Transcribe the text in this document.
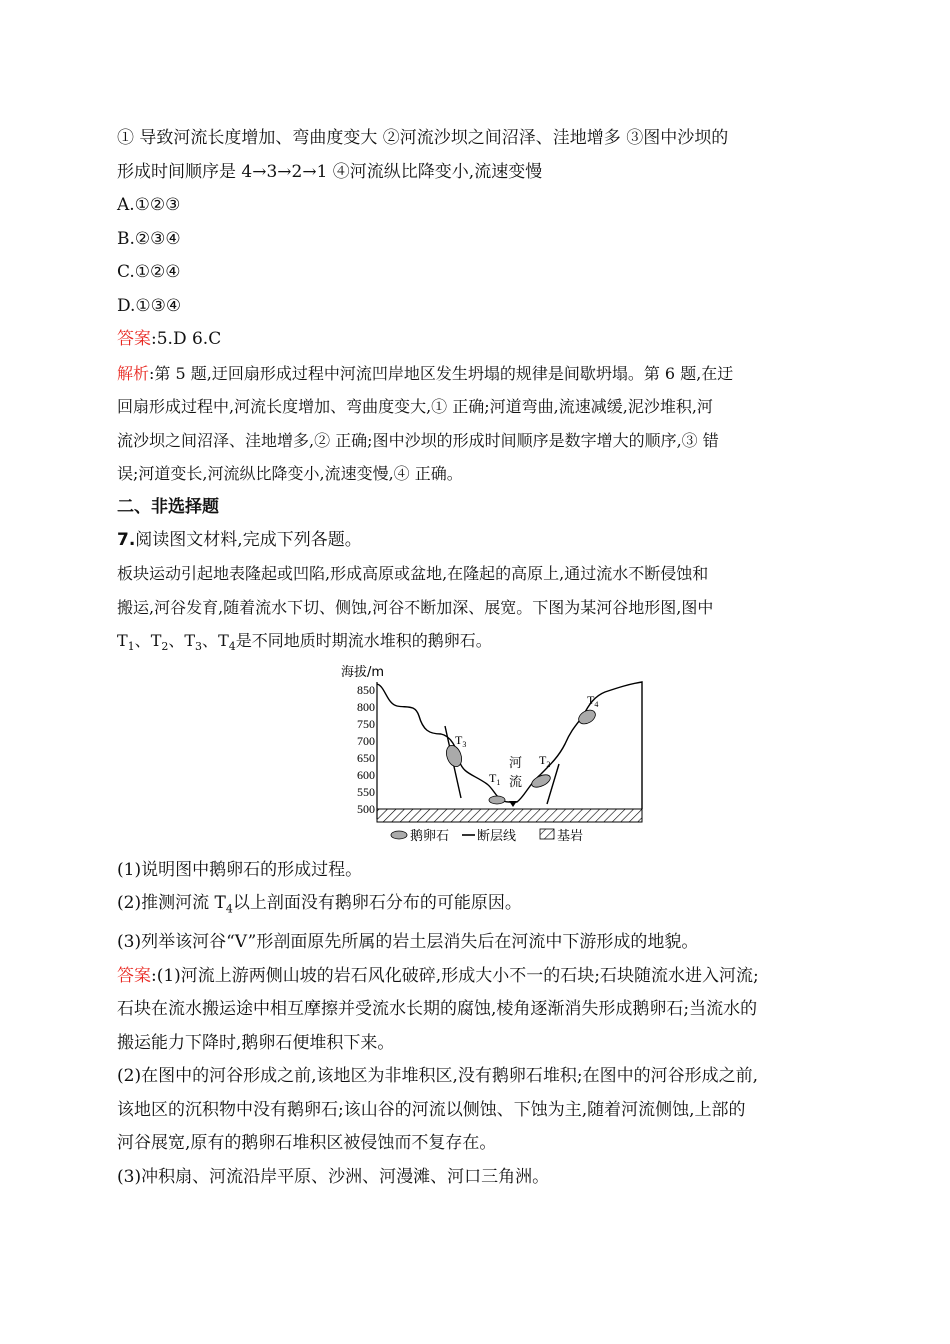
① 导致河流长度增加、弯曲度变大 ②河流沙坝之间沼泽、洼地增多 ③图中沙坝的
形成时间顺序是 4→3→2→1 ④河流纵比降变小,流速变慢
A.①②③
B.②③④
C.①②④
D.①③④
答案:5.D 6.C
解析:第 5 题,迂回扇形成过程中河流凹岸地区发生坍塌的规律是间歇坍塌。第 6 题,在迂
回扇形成过程中,河流长度增加、弯曲度变大,① 正确;河道弯曲,流速减缓,泥沙堆积,河
流沙坝之间沼泽、洼地增多,② 正确;图中沙坝的形成时间顺序是数字增大的顺序,③ 错
误;河道变长,河流纵比降变小,流速变慢,④ 正确。
二、非选择题
7.阅读图文材料,完成下列各题。
板块运动引起地表隆起或凹陷,形成高原或盆地,在隆起的高原上,通过流水不断侵蚀和
搬运,河谷发育,随着流水下切、侧蚀,河谷不断加深、展宽。下图为某河谷地形图,图中
$T_1$、$T_2$、$T_3$、$T_4$是不同地质时期流水堆积的鹅卵石。
海拔/m
850
800
750
700
650
600
550
500
$T_3$
$T_1$
$T_2$
$T_4$
河
流
鹅卵石 断层线	基岩
(1)说明图中鹅卵石的形成过程。
(2)推测河流 $T_4$以上剖面没有鹅卵石分布的可能原因。
(3)列举该河谷“V”形剖面原先所属的岩土层消失后在河流中下游形成的地貌。
答案:(1)河流上游两侧山坡的岩石风化破碎,形成大小不一的石块;石块随流水进入河流;
石块在流水搬运途中相互摩擦并受流水长期的腐蚀,棱角逐渐消失形成鹅卵石;当流水的
搬运能力下降时,鹅卵石便堆积下来。
(2)在图中的河谷形成之前,该地区为非堆积区,没有鹅卵石堆积;在图中的河谷形成之前,
该地区的沉积物中没有鹅卵石;该山谷的河流以侧蚀、下蚀为主,随着河流侧蚀,上部的
河谷展宽,原有的鹅卵石堆积区被侵蚀而不复存在。
(3)冲积扇、河流沿岸平原、沙洲、河漫滩、河口三角洲。
